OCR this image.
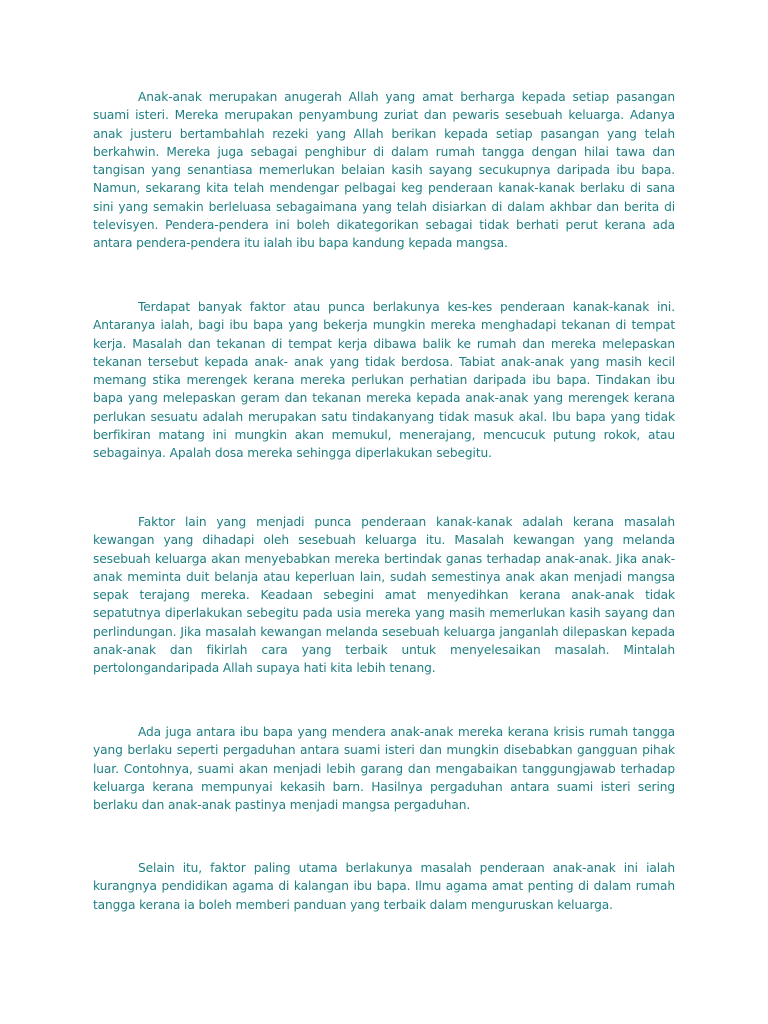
Anak-anak merupakan anugerah Allah yang amat berharga kepada setiap pasangan suami isteri. Mereka merupakan penyambung zuriat dan pewaris sesebuah keluarga. Adanya anak justeru bertambahlah rezeki yang Allah berikan kepada setiap pasangan yang telah berkahwin. Mereka juga sebagai penghibur di dalam rumah tangga dengan hilai tawa dan tangisan yang senantiasa memerlukan belaian kasih sayang secukupnya daripada ibu bapa. Namun, sekarang kita telah mendengar pelbagai keg penderaan kanak-kanak berlaku di sana sini yang semakin berleluasa sebagaimana yang telah disiarkan di dalam akhbar dan berita di televisyen. Pendera-pendera ini boleh dikategorikan sebagai tidak berhati perut kerana ada antara pendera-pendera itu ialah ibu bapa kandung kepada mangsa.

Terdapat banyak faktor atau punca berlakunya kes-kes penderaan kanak-kanak ini. Antaranya ialah, bagi ibu bapa yang bekerja mungkin mereka menghadapi tekanan di tempat kerja. Masalah dan tekanan di tempat kerja dibawa balik ke rumah dan mereka melepaskan tekanan tersebut kepada anak- anak yang tidak berdosa. Tabiat anak-anak yang masih kecil memang stika merengek kerana mereka perlukan perhatian daripada ibu bapa. Tindakan ibu bapa yang melepaskan geram dan tekanan mereka kepada anak-anak yang merengek kerana perlukan sesuatu adalah merupakan satu tindakanyang tidak masuk akal. Ibu bapa yang tidak berfikiran matang ini mungkin akan memukul, menerajang, mencucuk putung rokok, atau sebagainya. Apalah dosa mereka sehingga diperlakukan sebegitu.

Faktor lain yang menjadi punca penderaan kanak-kanak adalah kerana masalah kewangan yang dihadapi oleh sesebuah keluarga itu. Masalah kewangan yang melanda sesebuah keluarga akan menyebabkan mereka bertindak ganas terhadap anak-anak. Jika anak-anak meminta duit belanja atau keperluan lain, sudah semestinya anak akan menjadi mangsa sepak terajang mereka. Keadaan sebegini amat menyedihkan kerana anak-anak tidak sepatutnya diperlakukan sebegitu pada usia mereka yang masih memerlukan kasih sayang dan perlindungan. Jika masalah kewangan melanda sesebuah keluarga janganlah dilepaskan kepada anak-anak dan fikirlah cara yang terbaik untuk menyelesaikan masalah. Mintalah pertolongandaripada Allah supaya hati kita lebih tenang.

Ada juga antara ibu bapa yang mendera anak-anak mereka kerana krisis rumah tangga yang berlaku seperti pergaduhan antara suami isteri dan mungkin disebabkan gangguan pihak luar. Contohnya, suami akan menjadi lebih garang dan mengabaikan tanggungjawab terhadap keluarga kerana mempunyai kekasih barn. Hasilnya pergaduhan antara suami isteri sering berlaku dan anak-anak pastinya menjadi mangsa pergaduhan.

Selain itu, faktor paling utama berlakunya masalah penderaan anak-anak ini ialah kurangnya pendidikan agama di kalangan ibu bapa. Ilmu agama amat penting di dalam rumah tangga kerana ia boleh memberi panduan yang terbaik dalam menguruskan keluarga.
